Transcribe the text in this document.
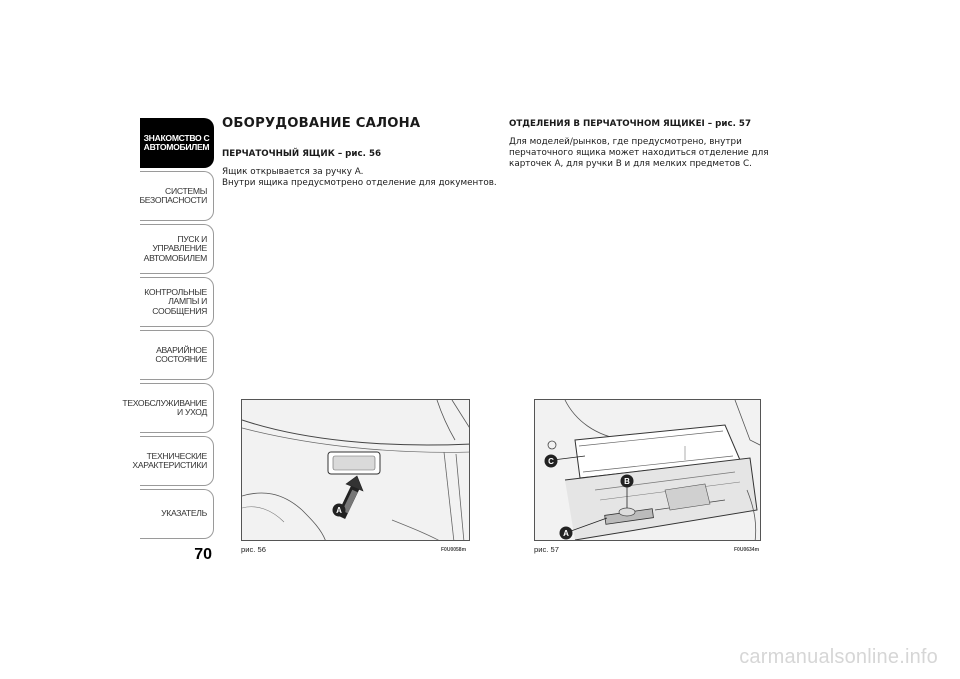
ЗНАКОМСТВО С
АВТОМОБИЛЕМ
СИСТЕМЫ
БЕЗОПАСНОСТИ
ПУСК И УПРАВЛЕНИЕ
АВТОМОБИЛЕМ
КОНТРОЛЬНЫЕ
ЛАМПЫ И
СООБЩЕНИЯ
АВАРИЙНОЕ
СОСТОЯНИЕ
ТЕХОБСЛУЖИВАНИЕ
И УХОД
ТЕХНИЧЕСКИЕ
ХАРАКТЕРИСТИКИ
УКАЗАТЕЛЬ
70
ОБОРУДОВАНИЕ САЛОНА
ПЕРЧАТОЧНЫЙ ЯЩИК – рис. 56

Ящик открывается за ручку A.

Внутри ящика предусмотрено отделение для документов.

ОТДЕЛЕНИЯ В ПЕРЧАТОЧНОМ ЯЩИКЕI – рис. 57

Для моделей/рынков, где предусмотрено, внутри

перчаточного ящика может находиться отделение для

карточек A, для ручки B и для мелких предметов C.

A
рис. 56	F0U0058m
C
B
A
рис. 57	F0U0634m
carmanualsonline.info
